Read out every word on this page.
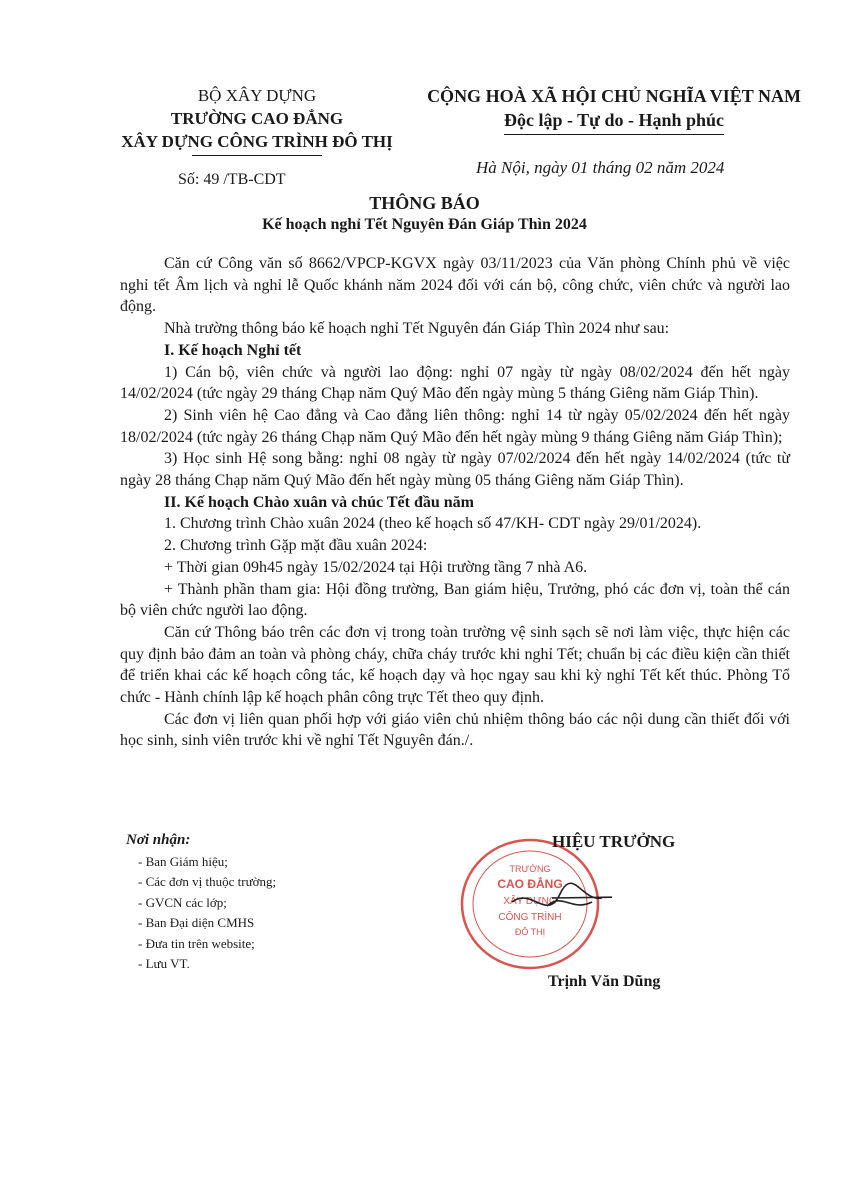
BỘ XÂY DỰNG
TRƯỜNG CAO ĐẲNG
XÂY DỰNG CÔNG TRÌNH ĐÔ THỊ
CỘNG HOÀ XÃ HỘI CHỦ NGHĨA VIỆT NAM
Độc lập - Tự do - Hạnh phúc
Hà Nội, ngày 01 tháng 02 năm 2024
Số: 49 /TB-CDT
THÔNG BÁO
Kế hoạch nghỉ Tết Nguyên Đán Giáp Thìn 2024

Căn cứ Công văn số 8662/VPCP-KGVX ngày 03/11/2023 của Văn phòng Chính phủ về việc nghỉ tết Âm lịch và nghỉ lễ Quốc khánh năm 2024 đối với cán bộ, công chức, viên chức và người lao động.

Nhà trường thông báo kế hoạch nghỉ Tết Nguyên đán Giáp Thìn 2024 như sau:

I. Kế hoạch Nghỉ tết

1) Cán bộ, viên chức và người lao động: nghỉ 07 ngày từ ngày 08/02/2024 đến hết ngày 14/02/2024 (tức ngày 29 tháng Chạp năm Quý Mão đến ngày mùng 5 tháng Giêng năm Giáp Thìn).

2) Sinh viên hệ Cao đẳng và Cao đẳng liên thông: nghỉ 14 từ ngày 05/02/2024 đến hết ngày 18/02/2024 (tức ngày 26 tháng Chạp năm Quý Mão đến hết ngày mùng 9 tháng Giêng năm Giáp Thìn);

3) Học sinh Hệ song bằng: nghỉ 08 ngày từ ngày 07/02/2024 đến hết ngày 14/02/2024 (tức từ ngày 28 tháng Chạp năm Quý Mão đến hết ngày mùng 05 tháng Giêng năm Giáp Thìn).

II. Kế hoạch Chào xuân và chúc Tết đầu năm

1. Chương trình Chào xuân 2024 (theo kế hoạch số 47/KH- CDT ngày 29/01/2024).

2. Chương trình Gặp mặt đầu xuân 2024:

+ Thời gian 09h45 ngày 15/02/2024 tại Hội trường tầng 7 nhà A6.

+ Thành phần tham gia: Hội đồng trường, Ban giám hiệu, Trưởng, phó các đơn vị, toàn thể cán bộ viên chức người lao động.

Căn cứ Thông báo trên các đơn vị trong toàn trường vệ sinh sạch sẽ nơi làm việc, thực hiện các quy định bảo đảm an toàn và phòng cháy, chữa cháy trước khi nghỉ Tết; chuẩn bị các điều kiện cần thiết để triển khai các kế hoạch công tác, kế hoạch dạy và học ngay sau khi kỳ nghỉ Tết kết thúc. Phòng Tổ chức - Hành chính lập kế hoạch phân công trực Tết theo quy định.

Các đơn vị liên quan phối hợp với giáo viên chủ nhiệm thông báo các nội dung cần thiết đối với học sinh, sinh viên trước khi về nghỉ Tết Nguyên đán./.

Nơi nhận:
- Ban Giám hiệu;
- Các đơn vị thuộc trường;
- GVCN các lớp;
- Ban Đại diện CMHS
- Đưa tin trên website;
- Lưu VT.
TRƯỜNG
CAO ĐẲNG
XÂY DỰNG
CÔNG TRÌNH
ĐÔ THỊ
HIỆU TRƯỞNG
Trịnh Văn Dũng
